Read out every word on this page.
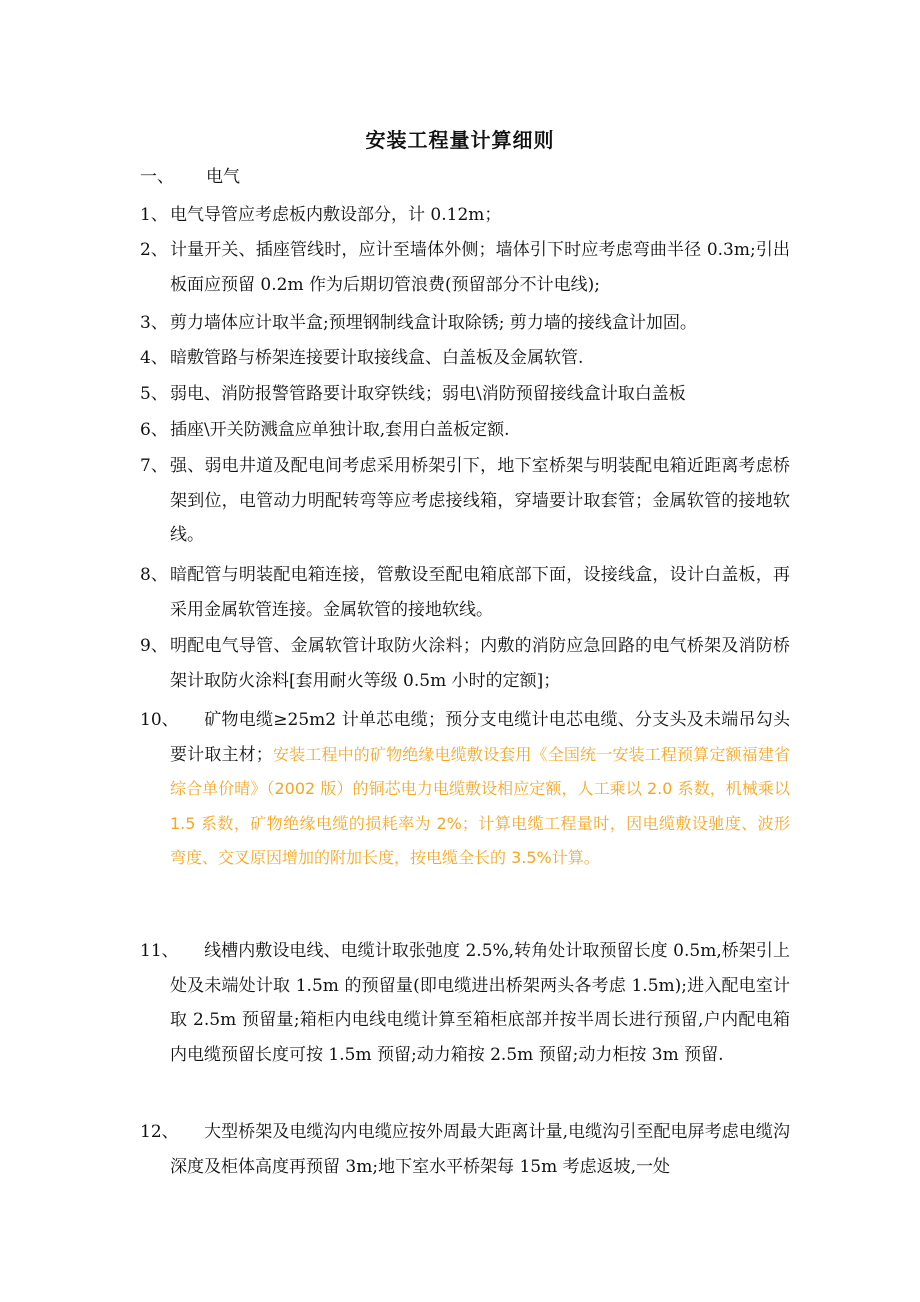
安装工程量计算细则
一、 电气
1、 电气导管应考虑板内敷设部分，计 0.12m；
2、 计量开关、插座管线时，应计至墙体外侧；墙体引下时应考虑弯曲半径 0.3m;引出板面应预留 0.2m 作为后期切管浪费(预留部分不计电线);
3、 剪力墙体应计取半盒;预埋钢制线盒计取除锈; 剪力墙的接线盒计加固。
4、 暗敷管路与桥架连接要计取接线盒、白盖板及金属软管.
5、 弱电、消防报警管路要计取穿铁线；弱电\消防预留接线盒计取白盖板
6、 插座\开关防溅盒应单独计取,套用白盖板定额.
7、 强、弱电井道及配电间考虑采用桥架引下，地下室桥架与明装配电箱近距离考虑桥架到位，电管动力明配转弯等应考虑接线箱，穿墙要计取套管；金属软管的接地软线。
8、 暗配管与明装配电箱连接，管敷设至配电箱底部下面，设接线盒，设计白盖板，再采用金属软管连接。金属软管的接地软线。
9、 明配电气导管、金属软管计取防火涂料；内敷的消防应急回路的电气桥架及消防桥架计取防火涂料[套用耐火等级 0.5m 小时的定额]；
10、	矿物电缆≥25m2 计单芯电缆；预分支电缆计电芯电缆、分支头及未端吊勾头要计取主材；安装工程中的矿物绝缘电缆敷设套用《全国统一安装工程预算定额福建省综合单价晴》（2002 版）的铜芯电力电缆敷设相应定额，人工乘以 2.0 系数，机械乘以 1.5 系数，矿物绝缘电缆的损耗率为 2%；计算电缆工程量时，因电缆敷设驰度、波形弯度、交叉原因增加的附加长度，按电缆全长的 3.5%计算。
11、	线槽内敷设电线、电缆计取张弛度 2.5%,转角处计取预留长度 0.5m,桥架引上处及未端处计取 1.5m 的预留量(即电缆进出桥架两头各考虑 1.5m);进入配电室计取 2.5m 预留量;箱柜内电线电缆计算至箱柜底部并按半周长进行预留,户内配电箱内电缆预留长度可按 1.5m 预留;动力箱按 2.5m 预留;动力柜按 3m 预留.
12、	大型桥架及电缆沟内电缆应按外周最大距离计量,电缆沟引至配电屏考虑电缆沟深度及柜体高度再预留 3m;地下室水平桥架每 15m 考虑返坡,一处
